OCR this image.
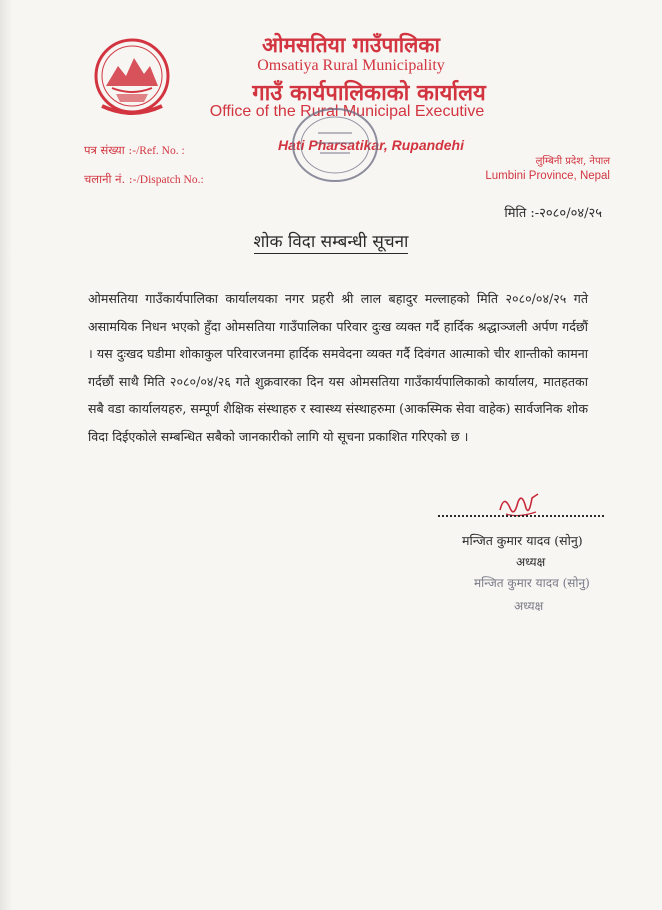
ओमसतिया गाउँपालिका
Omsatiya Rural Municipality
गाउँ कार्यपालिकाको कार्यालय
Office of the Rural Municipal Executive
Hati Pharsatikar, Rupandehi
पत्र संख्या :-/Ref. No. :
चलानी नं. :-/Dispatch No.:
लुम्बिनी प्रदेश, नेपाल
Lumbini Province, Nepal
मिति :-२०८०/०४/२५
शोक विदा सम्बन्धी सूचना
ओमसतिया गाउँकार्यपालिका कार्यालयका नगर प्रहरी श्री लाल बहादुर मल्लाहको मिति २०८०/०४/२५ गते असामयिक निधन भएको हुँदा ओमसतिया गाउँपालिका परिवार दुःख व्यक्त गर्दै हार्दिक श्रद्धाञ्जली अर्पण गर्दछौं । यस दुःखद घडीमा शोकाकुल परिवारजनमा हार्दिक समवेदना व्यक्त गर्दै दिवंगत आत्माको चीर शान्तीको कामना गर्दछौं साथै मिति २०८०/०४/२६ गते शुक्रवारका दिन यस ओमसतिया गाउँकार्यपालिकाको कार्यालय, मातहतका सबै वडा कार्यालयहरु, सम्पूर्ण शैक्षिक संस्थाहरु र स्वास्थ्य संस्थाहरुमा (आकस्मिक सेवा वाहेक) सार्वजनिक शोक विदा दिईएकोले सम्बन्धित सबैको जानकारीको लागि यो सूचना प्रकाशित गरिएको छ ।
मन्जित कुमार यादव (सोनु)
अध्यक्ष
मन्जित कुमार यादव (सोनु)
अध्यक्ष
